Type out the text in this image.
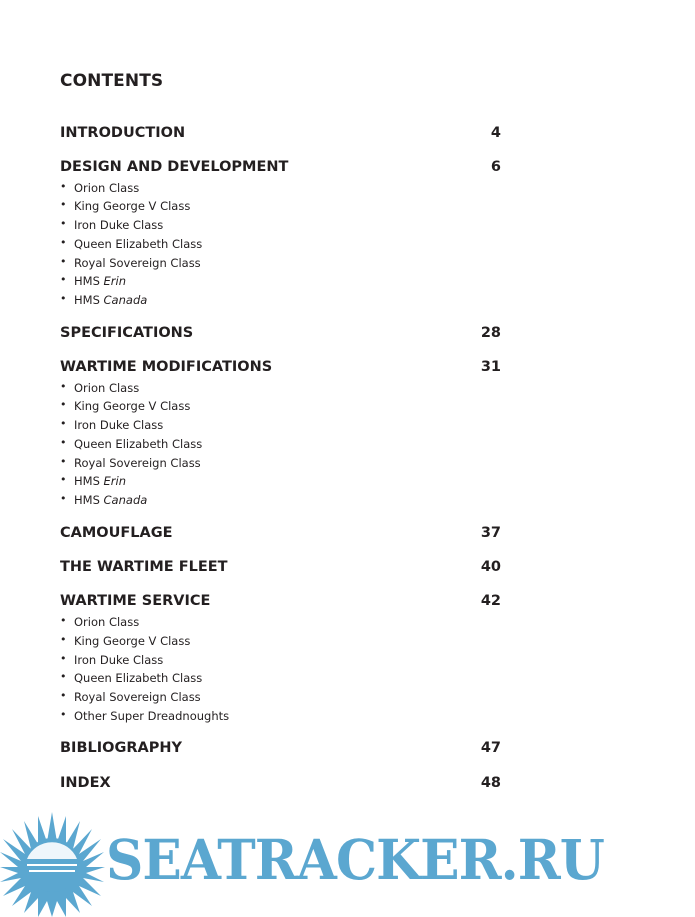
CONTENTS
INTRODUCTION	4
DESIGN AND DEVELOPMENT	6
• Orion Class
• King George V Class
• Iron Duke Class
• Queen Elizabeth Class
• Royal Sovereign Class
• HMS Erin
• HMS Canada
SPECIFICATIONS	28
WARTIME MODIFICATIONS	31
• Orion Class
• King George V Class
• Iron Duke Class
• Queen Elizabeth Class
• Royal Sovereign Class
• HMS Erin
• HMS Canada
CAMOUFLAGE	37
THE WARTIME FLEET	40
WARTIME SERVICE	42
• Orion Class
• King George V Class
• Iron Duke Class
• Queen Elizabeth Class
• Royal Sovereign Class
• Other Super Dreadnoughts
BIBLIOGRAPHY	47
INDEX	48
SEATRACKER.RU
